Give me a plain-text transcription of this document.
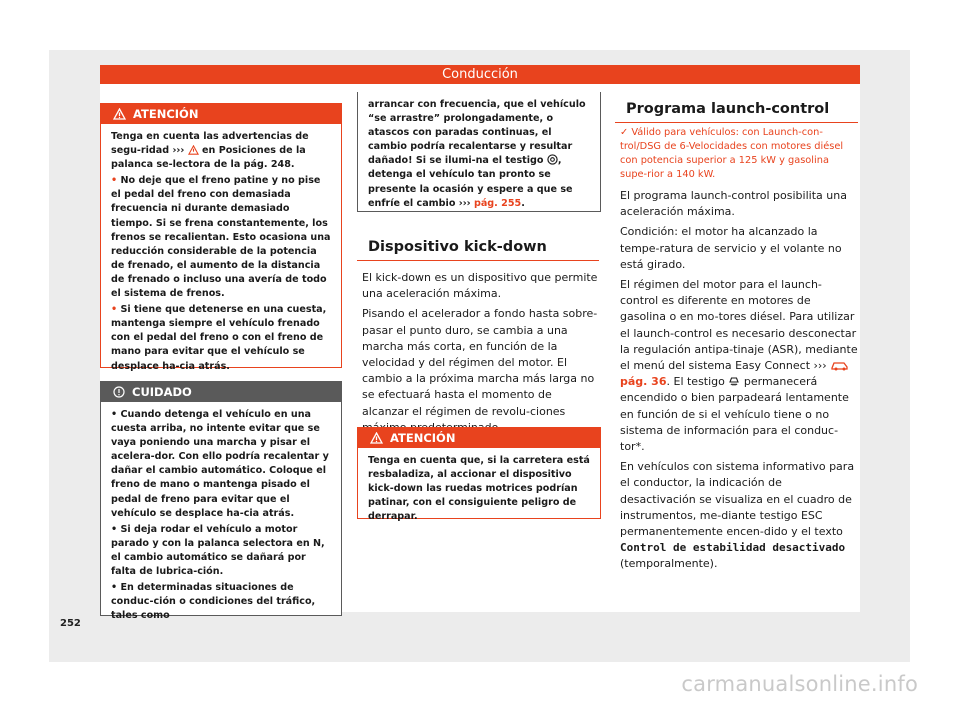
Conducción
ATENCIÓN

Tenga en cuenta las advertencias de segu-ridad ›››  en Posiciones de la palanca se-lectora de la pág. 248.

• No deje que el freno patine y no pise el pedal del freno con demasiada frecuencia ni durante demasiado tiempo. Si se frena constantemente, los frenos se recalientan. Esto ocasiona una reducción considerable de la potencia de frenado, el aumento de la distancia de frenado o incluso una avería de todo el sistema de frenos.

• Si tiene que detenerse en una cuesta, mantenga siempre el vehículo frenado con el pedal del freno o con el freno de mano para evitar que el vehículo se desplace ha-cia atrás.

CUIDADO

• Cuando detenga el vehículo en una cuesta arriba, no intente evitar que se vaya poniendo una marcha y pisar el acelera-dor. Con ello podría recalentar y dañar el cambio automático. Coloque el freno de mano o mantenga pisado el pedal de freno para evitar que el vehículo se desplace ha-cia atrás.

• Si deja rodar el vehículo a motor parado y con la palanca selectora en N, el cambio automático se dañará por falta de lubrica-ción.

• En determinadas situaciones de conduc-ción o condiciones del tráfico, tales como

252

arrancar con frecuencia, que el vehículo “se arrastre” prolongadamente, o atascos con paradas continuas, el cambio podría recalentarse y resultar dañado! Si se ilumi-na el testigo , detenga el vehículo tan pronto se presente la ocasión y espere a que se enfríe el cambio ››› pág. 255.

Dispositivo kick-down

El kick-down es un dispositivo que permite una aceleración máxima.

Pisando el acelerador a fondo hasta sobre-pasar el punto duro, se cambia a una marcha más corta, en función de la velocidad y del régimen del motor. El cambio a la próxima marcha más larga no se efectuará hasta el momento de alcanzar el régimen de revolu-ciones

ATENCIÓN

Tenga en cuenta que, si la carretera está resbaladiza, al accionar el dispositivo kick-down las ruedas motrices podrían patinar, con el consiguiente peligro de derrapar.

Programa launch-control
✓ Válido para vehículos: con Launch-con-trol/DSG de 6-Velocidades con motores diésel con potencia superior a 125 kW y gasolina supe-rior a 140 kW.

El programa launch-control posibilita una aceleración máxima.

Condición: el motor ha alcanzado la tempe-ratura de servicio y el volante no está girado.

El régimen del motor para el launch-control es diferente en motores de gasolina o en mo-tores diésel. Para utilizar el launch-control es necesario desconectar la regulación antipa-tinaje (ASR), mediante el menú del sistema Easy Connect ›››  pág. 36. El testigo  permanecerá encendido o bien parpadeará lentamente en función de si el vehículo tiene o no sistema de información para el conduc-tor*.

En vehículos con sistema informativo para el conductor, la indicación de desactivación se visualiza en el cuadro de instrumentos, me-diante testigo ESC permanentemente encen-dido y el texto Control de estabilidad desactivado (temporalmente).

carmanualsonline.info
